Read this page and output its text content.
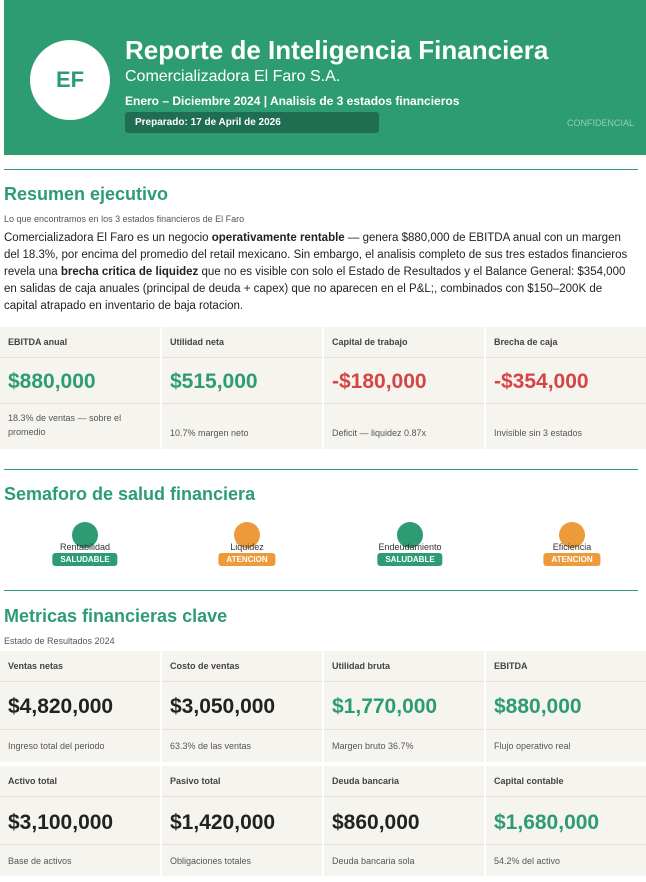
EF
Reporte de Inteligencia Financiera
Comercializadora El Faro S.A.
Enero – Diciembre 2024 | Analisis de 3 estados financieros
Preparado: 17 de April de 2026	CONFIDENCIAL
Resumen ejecutivo
Lo que encontramos en los 3 estados financieros de El Faro
Comercializadora El Faro es un negocio operativamente rentable — genera $880,000 de EBITDA anual con un margen del 18.3%, por encima del promedio del retail mexicano. Sin embargo, el analisis completo de sus tres estados financieros revela una brecha critica de liquidez que no es visible con solo el Estado de Resultados y el Balance General: $354,000 en salidas de caja anuales (principal de deuda + capex) que no aparecen en el P&L;, combinados con $150–200K de capital atrapado en inventario de baja rotacion.
EBITDA anual
$880,000
18.3% de ventas — sobre el promedio
Utilidad neta
$515,000
10.7% margen neto
Capital de trabajo
-$180,000
Deficit — liquidez 0.87x
Brecha de caja
-$354,000
Invisible sin 3 estados
Semaforo de salud financiera
Rentabilidad
SALUDABLE
Liquidez
ATENCION
Endeudamiento
SALUDABLE
Eficiencia
ATENCION
Metricas financieras clave
Estado de Resultados 2024
Ventas netas
$4,820,000
Ingreso total del periodo
Costo de ventas
$3,050,000
63.3% de las ventas
Utilidad bruta
$1,770,000
Margen bruto 36.7%
EBITDA
$880,000
Flujo operativo real
Activo total
$3,100,000
Base de activos
Pasivo total
$1,420,000
Obligaciones totales
Deuda bancaria
$860,000
Deuda bancaria sola
Capital contable
$1,680,000
54.2% del activo
